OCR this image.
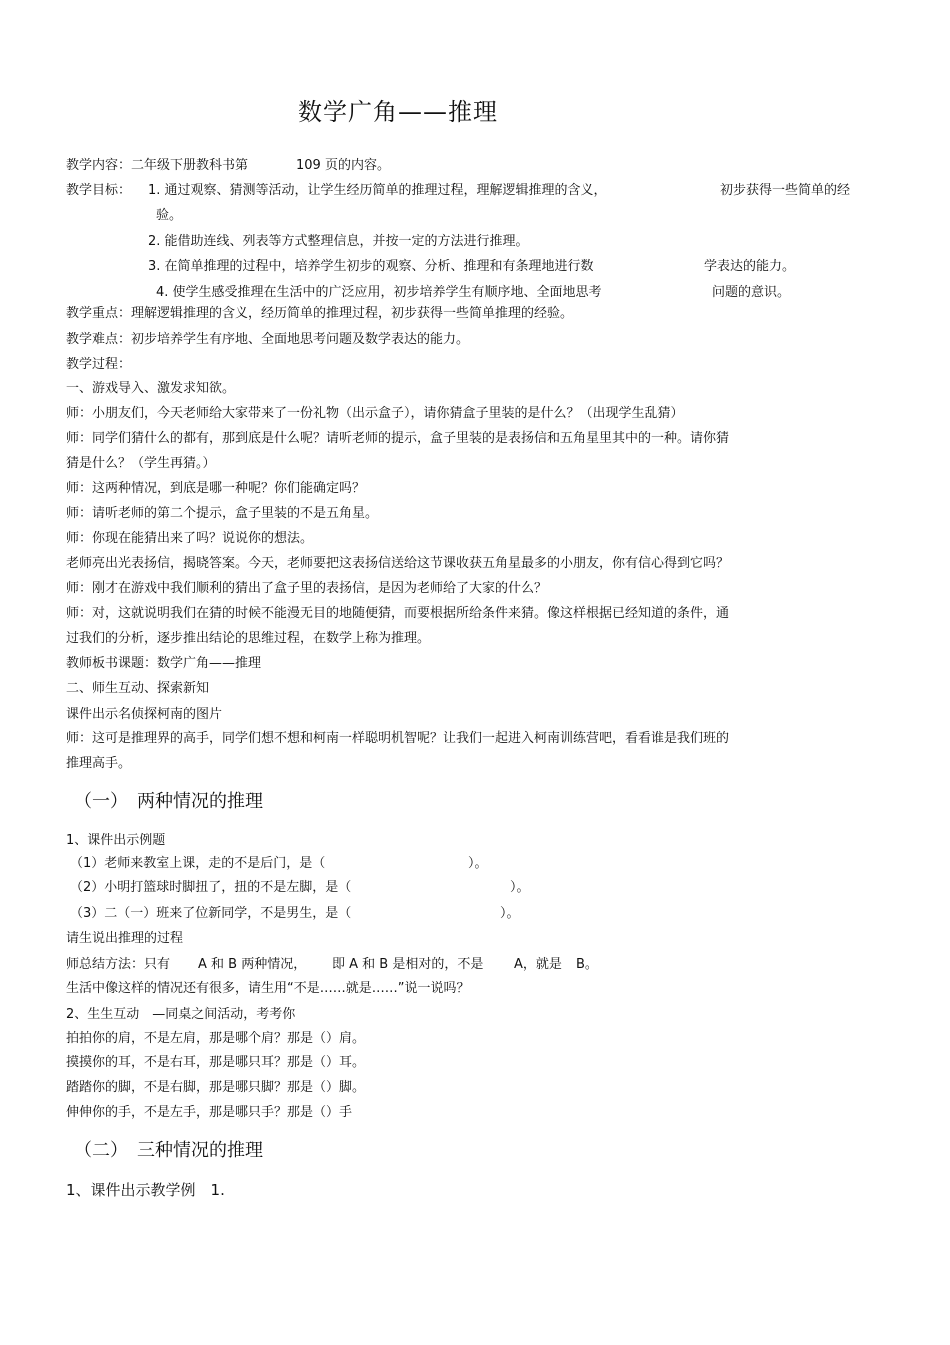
数学广角——推理
教学内容：二年级下册教科书第	109 页的内容。
教学目标： 1. 通过观察、猜测等活动，让学生经历简单的推理过程，理解逻辑推理的含义，	初步获得一些简单的经
验。
2. 能借助连线、列表等方式整理信息，并按一定的方法进行推理。
3. 在简单推理的过程中，培养学生初步的观察、分析、推理和有条理地进行数	学表达的能力。
4. 使学生感受推理在生活中的广泛应用，初步培养学生有顺序地、全面地思考	问题的意识。
教学重点：理解逻辑推理的含义，经历简单的推理过程，初步获得一些简单推理的经验。
教学难点：初步培养学生有序地、全面地思考问题及数学表达的能力。
教学过程：
一、游戏导入、激发求知欲。
师：小朋友们，今天老师给大家带来了一份礼物（出示盒子），请你猜盒子里装的是什么？（出现学生乱猜）
师：同学们猜什么的都有，那到底是什么呢？请听老师的提示，盒子里装的是表扬信和五角星里其中的一种。请你猜
猜是什么？（学生再猜。）
师：这两种情况，到底是哪一种呢？你们能确定吗？
师：请听老师的第二个提示，盒子里装的不是五角星。
师：你现在能猜出来了吗？说说你的想法。
老师亮出光表扬信，揭晓答案。今天，老师要把这表扬信送给这节课收获五角星最多的小朋友，你有信心得到它吗？
师：刚才在游戏中我们顺利的猜出了盒子里的表扬信，是因为老师给了大家的什么？
师：对，这就说明我们在猜的时候不能漫无目的地随便猜，而要根据所给条件来猜。像这样根据已经知道的条件，通
过我们的分析，逐步推出结论的思维过程，在数学上称为推理。
教师板书课题：数学广角——推理
二、师生互动、探索新知
课件出示名侦探柯南的图片
师：这可是推理界的高手，同学们想不想和柯南一样聪明机智呢？让我们一起进入柯南训练营吧，看看谁是我们班的
推理高手。
（一）　两种情况的推理
1、课件出示例题
（1）老师来教室上课，走的不是后门，是（	）。
（2）小明打篮球时脚扭了，扭的不是左脚，是（	）。
（3）二（一）班来了位新同学，不是男生，是（	）。
请生说出推理的过程
师总结方法：只有 A 和 B 两种情况， 即 A 和 B 是相对的，不是 A，就是 B。
生活中像这样的情况还有很多，请生用“不是……就是……”说一说吗？
2、生生互动　—同桌之间活动，考考你
拍拍你的肩，不是左肩，那是哪个肩？那是（）肩。
摸摸你的耳，不是右耳，那是哪只耳？那是（）耳。
踏踏你的脚，不是右脚，那是哪只脚？那是（）脚。
伸伸你的手，不是左手，那是哪只手？那是（）手
（二）　三种情况的推理
1、课件出示教学例　1.
